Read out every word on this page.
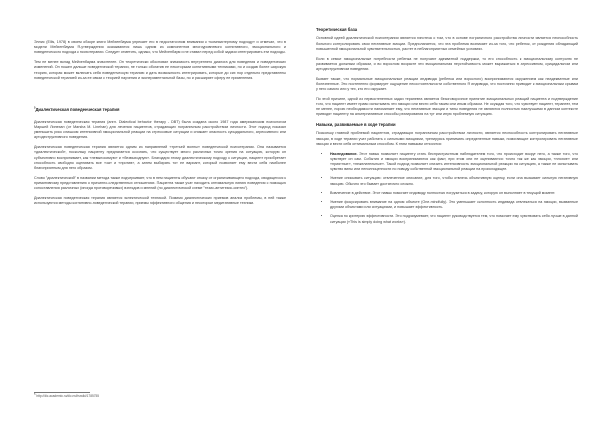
Эллис (Ellis, 1978) в своем обзоре книги Мейхенбаума упрекает его в недостаточном внимании к «компьютерному подходу» и отмечал, что в модели Мейхенбаума Я-утверждения оказываются лишь одним из компонентов многоуровневого когнитивного, эмоционального и поведенческого подхода к психотерапии. Следует отметить, однако, что Мейхенбаум и не ставил перед собой задачи интегрировать эти подходы.

Тем не менее вклад Мейхенбаума значителен. Он теоретически обосновал значимость внутреннего диалога для поведения и поведенческих изменений. Он пошел дальше поведенческой терапии, не только обогатив ее некоторыми когнитивными техниками, но и создав более широкую теорию, которая может включать себя поведенческую терапию и дать возможность интегрировать, которые до сих пор отдельно представлены поведенческой терапией из-за ее связи с теорией научения и экспериментальной базы, но и расширяет сферу ее применения.

$^5$Диалектическая поведенческая терапия

Диалектическая поведенческая терапия (англ. Dialectical behavior therapy - DBT) была создана около 1987 года американским психологом Маршей Линехан (от Marsha M. Linehan) для лечения пациентов, страдающих пограничным расстройством личности. Этот подход показал уменьшить риск слишком интенсивной эмоциональной реакции на стрессовые ситуации и снижает опасность суицидального, агрессивного или аутодеструктивного поведения.

Диалектическая поведенческая терапия является одним из направлений «третьей волны» поведенческой психотерапии. Она называется «диалектической», поскольку пациенту предлагается осознать, что существует много различных точек зрения на ситуацию, которую он субъективно воспринимает, как «невыносимую» и «безвыходную». Благодаря этому диалектическому подходу к ситуации, пациент приобретает способность свободно оценивать все «за» и «против», а затем выбирать тот ее вариант, который позволяет ему вести себя наиболее благоприятным для него образом.

Слово "диалектический" в названии метода также подчеркивает, что в нем пациенты обучают отказу от ограничивающего подхода, сводящегося к примитивному представлению о причинно-следственных отношениях. Пациента также учат находить оптимальную линию поведения с помощью сопоставления различных (иногда противоречивых) взглядов и мнений (по диалектической схеме "тезис-антитезис-синтез").

Диалектическая поведенческая терапия является эклектической техникой. Помимо диалектических приемов анализ проблемы, в ней также используются методы когнитивно-поведенческой терапии, приемы эффективного общения и некоторые медитативные техники.

$^5$ http://dic.academic.ru/dic.nsf/ruwiki/1785755
Теоретическая база

Основной идеей диалектической психотерапии является гипотеза о том, что в основе пограничного расстройства личности является неспособность больного контролировать свои негативные эмоции. Предполагается, что эта проблема возникает из-за того, что ребенок, от рождения обладающий повышенной эмоциональной чувствительностью, растет в неблагоприятных семейных условиях.

Если в семье эмоциональные потребности ребенка не получают адекватной поддержки, то его способность к эмоциональному контролю не развивается должным образом, и во взрослом возрасте эти эмоциональная неустойчивость может выражаться в агрессивном, суицидальном или аутодеструктивном поведении.

Бывает также, что нормальные эмоциональные реакции индивида (ребенка или взрослого) воспринимаются окружением как неадекватные или болезненные. Это постепенно формирует ощущение несостоятельности собственного Я индивида, что постоянно приводит к эмоциональным срывам у него самого или у тех, кто его окружает.

По этой причине, одной из первостепенных задач терапевта является безоговорочное принятие эмоциональных реакций пациента и подтверждение того, что пациент имеет право испытывать эти эмоции или вести себя таким или иным образом. Не осуждая того, что чувствует пациент, терапевт, тем не менее, порою необходимости напоминает ему, что негативные эмоции и типы поведения не являются полностью наилучшими в данном контексте приводят пациенту на альтернативные способы реагирования на тут или иную проблемную ситуацию.

Навыки, развиваемые в ходе терапии

Поскольку главной проблемой пациентов, страдающих пограничным расстройством личности, является неспособность контролировать негативные эмоции, в ходе терапии учат работать с сильными эмоциями, тренируясь принимать определенные навыки, помогающие контролировать негативные эмоции и вести себя оптимальным способом. К этим навыкам относятся:

• Наследование. Этот навык позволяет пациенту стать беспристрастным наблюдателем того, что происходит вокруг него, а также того, что чувствует он сам. События и эмоции воспринимаются как факт, при этом они не оцениваются: точно так же как эмоции, «плохие» или «приятные», «нежелательные». Такой подход позволяет снизить интенсивность эмоциональной реакции на ситуацию, а также не испытывать чувство вины или неполноценности по поводу собственной эмоциональной реакции на происходящее.
• Умение описывать ситуацию: отвлеченное описание, для того, чтобы отвлечь объективную оценку, если она вызывает сильную негативную эмоцию. Обычно это бывает достаточно сложно.
• Вовлечение в действие. Этот навык помогает индивиду полностью погрузиться в задачу, которую он выполняет в текущий момент.
• Умение фокусировать внимание на одном объекте (One-mindfully). Это уменьшает склонность индивида отвлекаться на эмоции, вызванные другими объектами или ситуациями, и повышает эффективность.
• Оценка по критерию эффективности. Это подразумевает, что пациент руководствуется тем, что помогает ему чувствовать себя лучше в данной ситуации («This is simply doing what works»).
